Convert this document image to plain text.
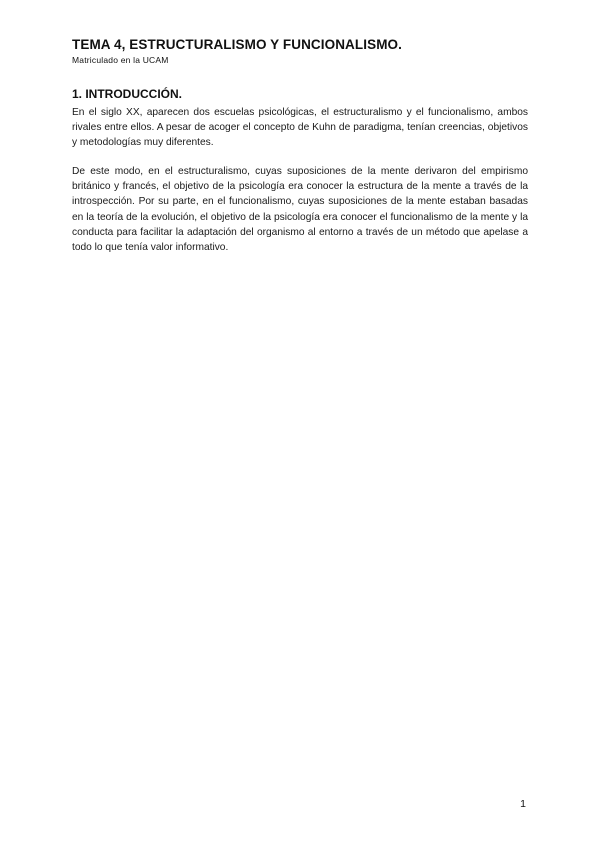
TEMA 4, ESTRUCTURALISMO Y FUNCIONALISMO.
Matriculado en la UCAM
1. INTRODUCCIÓN.

En el siglo XX, aparecen dos escuelas psicológicas, el estructuralismo y el funcionalismo, ambos rivales entre ellos. A pesar de acoger el concepto de Kuhn de paradigma, tenían creencias, objetivos y metodologías muy diferentes.

De este modo, en el estructuralismo, cuyas suposiciones de la mente derivaron del empirismo británico y francés, el objetivo de la psicología era conocer la estructura de la mente a través de la introspección. Por su parte, en el funcionalismo, cuyas suposiciones de la mente estaban basadas en la teoría de la evolución, el objetivo de la psicología era conocer el funcionalismo de la mente y la conducta para facilitar la adaptación del organismo al entorno a través de un método que apelase a todo lo que tenía valor informativo.

1
